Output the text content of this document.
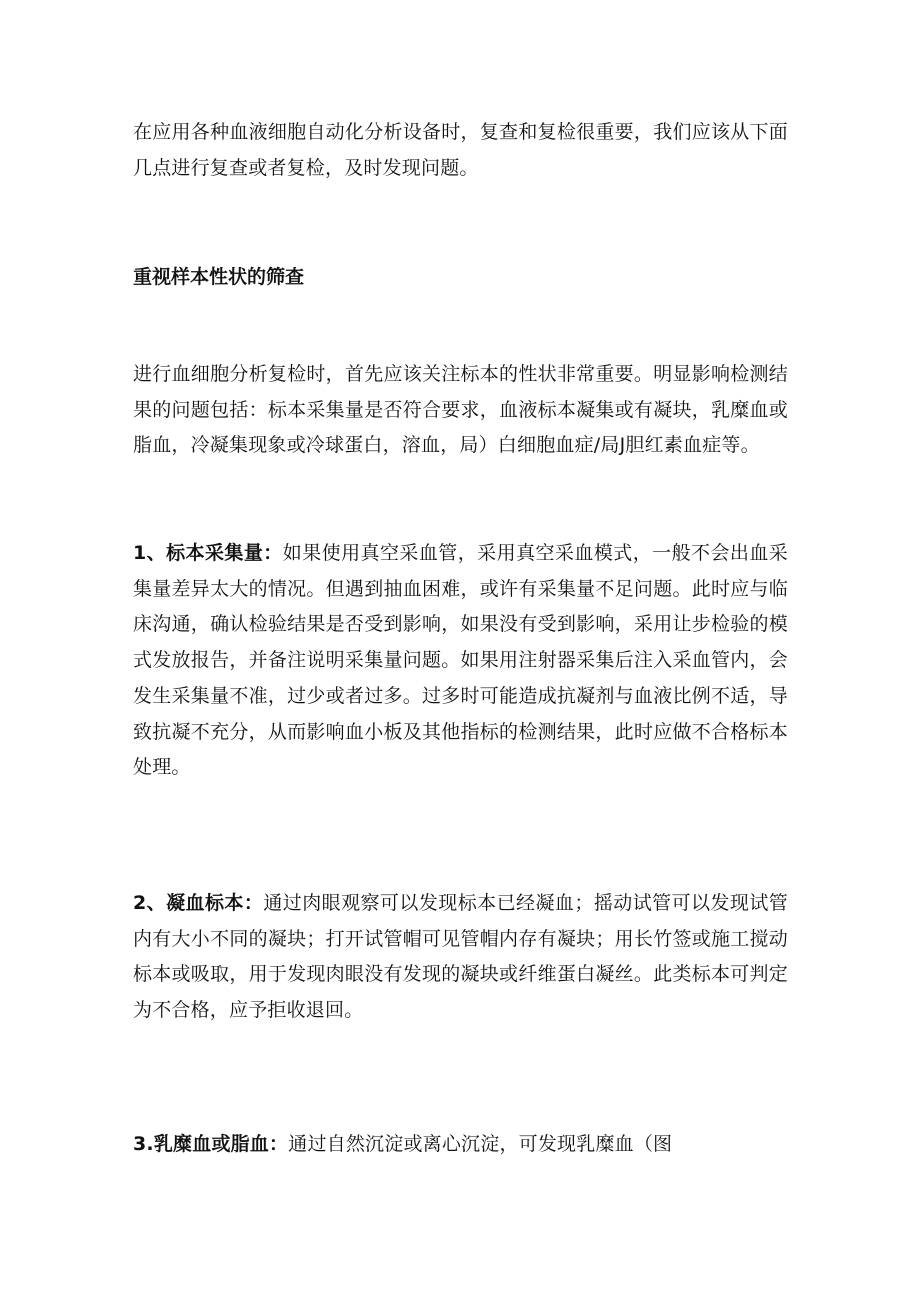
在应用各种血液细胞自动化分析设备时，复查和复检很重要，我们应该从下面几点进行复查或者复检，及时发现问题。
重视样本性状的筛查
进行血细胞分析复检时，首先应该关注标本的性状非常重要。明显影响检测结果的问题包括：标本采集量是否符合要求，血液标本凝集或有凝块，乳糜血或脂血，冷凝集现象或冷球蛋白，溶血，局）白细胞血症/局J胆红素血症等。
1、标本采集量：如果使用真空采血管，采用真空采血模式，一般不会出血采集量差异太大的情况。但遇到抽血困难，或许有采集量不足问题。此时应与临床沟通，确认检验结果是否受到影响，如果没有受到影响，采用让步检验的模式发放报告，并备注说明采集量问题。如果用注射器采集后注入采血管内，会发生采集量不准，过少或者过多。过多时可能造成抗凝剂与血液比例不适，导致抗凝不充分，从而影响血小板及其他指标的检测结果，此时应做不合格标本处理。
2、凝血标本：通过肉眼观察可以发现标本已经凝血；摇动试管可以发现试管内有大小不同的凝块；打开试管帽可见管帽内存有凝块；用长竹签或施工搅动标本或吸取，用于发现肉眼没有发现的凝块或纤维蛋白凝丝。此类标本可判定为不合格，应予拒收退回。
3.乳糜血或脂血：通过自然沉淀或离心沉淀，可发现乳糜血（图
